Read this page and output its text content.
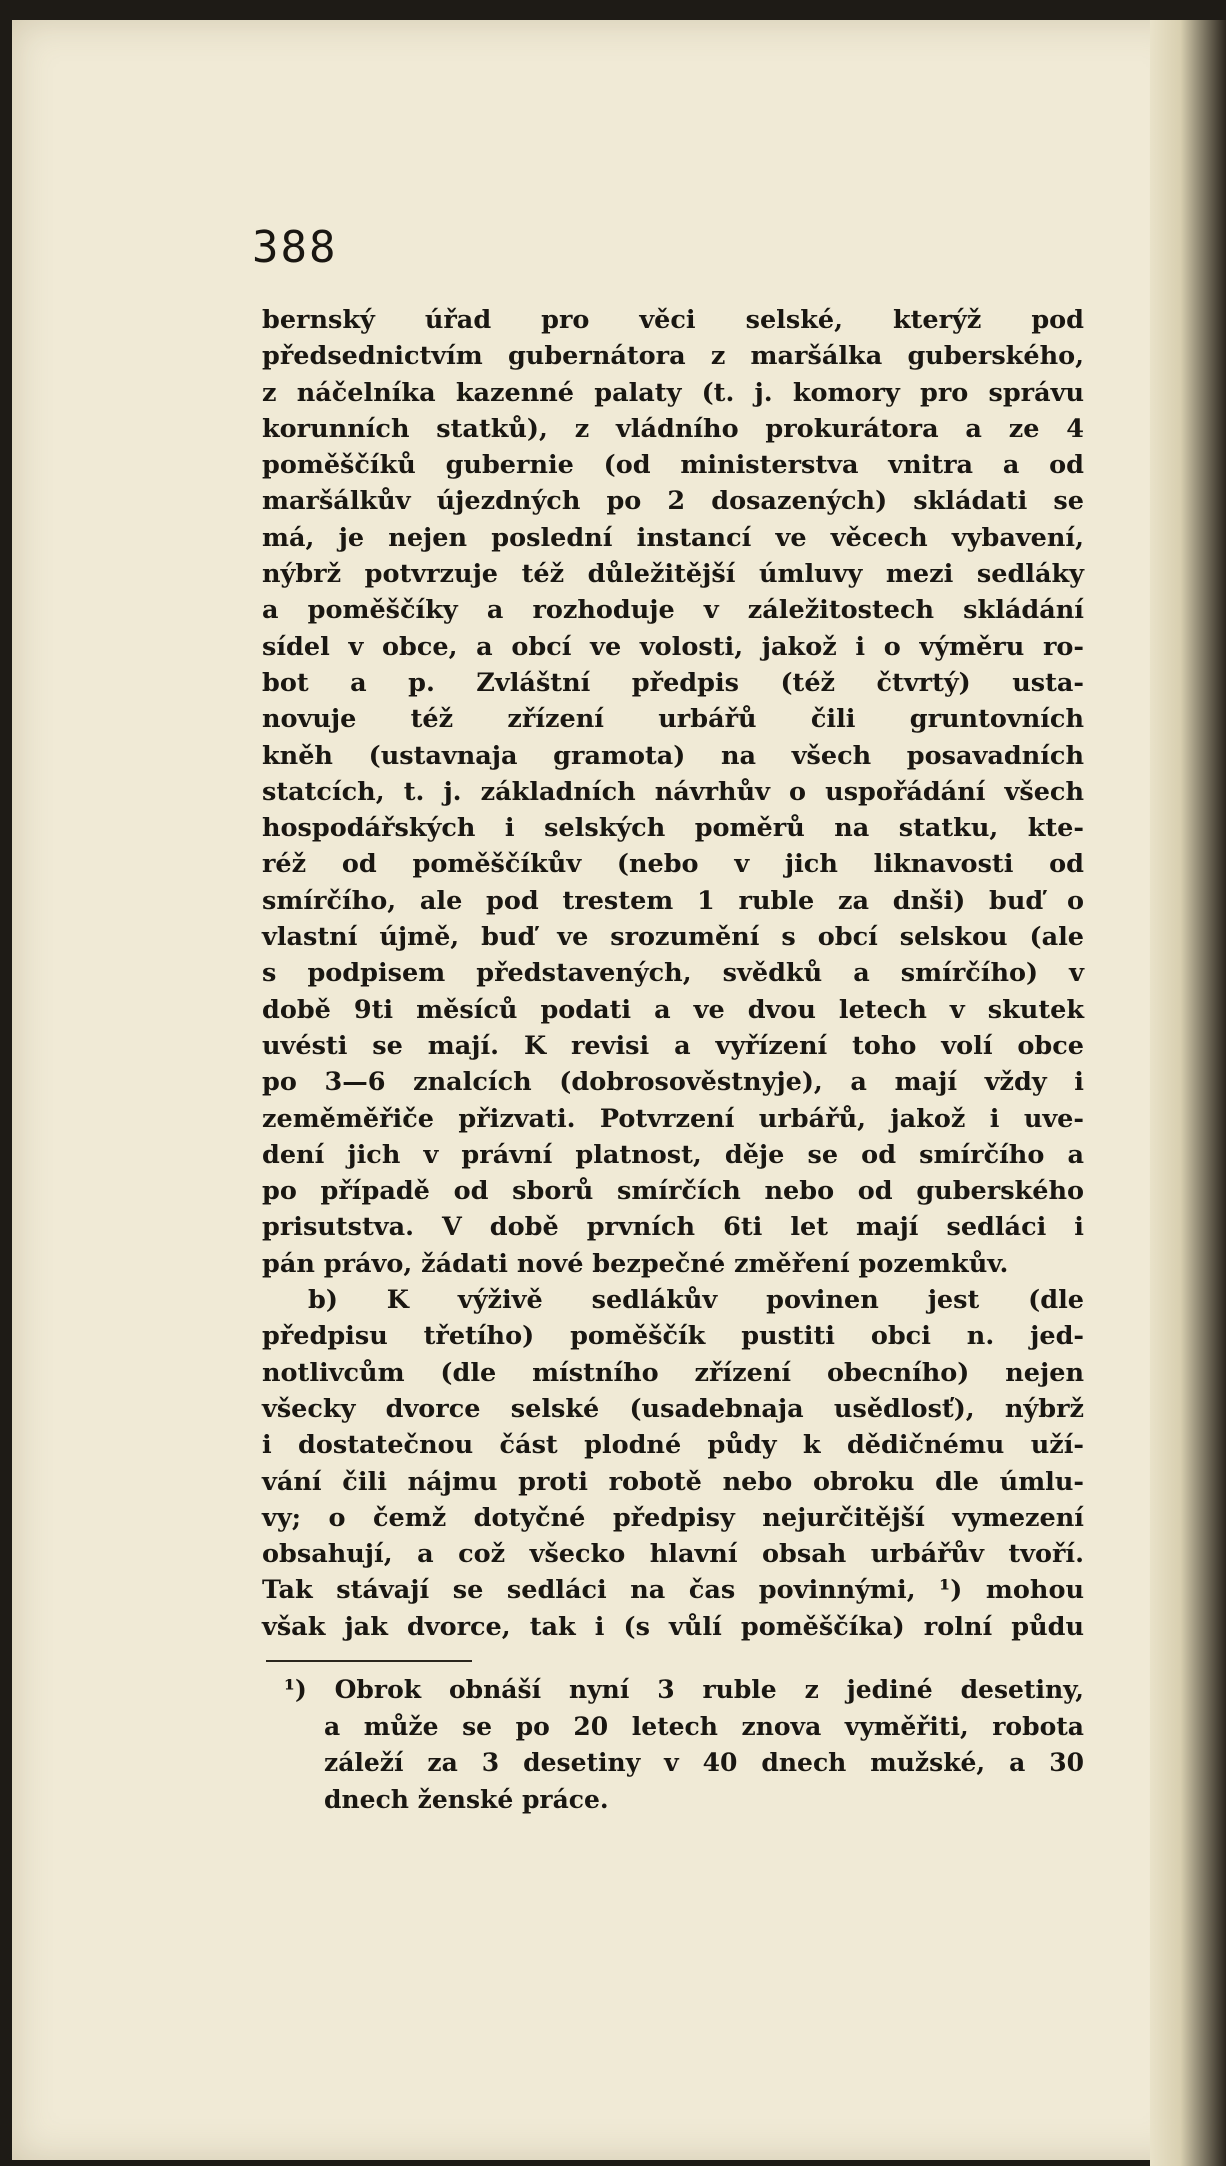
388
bernský úřad pro věci selské, kterýž pod
předsednictvím gubernátora z maršálka guberského,
z náčelníka kazenné palaty (t. j. komory pro správu
korunních statků), z vládního prokurátora a ze 4
poměščíků gubernie (od ministerstva vnitra a od
maršálkův újezdných po 2 dosazených) skládati se
má, je nejen poslední instancí ve věcech vybavení,
nýbrž potvrzuje též důležitější úmluvy mezi sedláky
a poměščíky a rozhoduje v záležitostech skládání
sídel v obce, a obcí ve volosti, jakož i o výměru ro-
bot a p. Zvláštní předpis (též čtvrtý) usta-
novuje též zřízení urbářů čili gruntovních
kněh (ustavnaja gramota) na všech posavadních
statcích, t. j. základních návrhův o uspořádání všech
hospodářských i selských poměrů na statku, kte-
réž od poměščíkův (nebo v jich liknavosti od
smírčího, ale pod trestem 1 ruble za dnši) buď o
vlastní újmě, buď ve srozumění s obcí selskou (ale
s podpisem představených, svědků a smírčího) v
době 9ti měsíců podati a ve dvou letech v skutek
uvésti se mají. K revisi a vyřízení toho volí obce
po 3—6 znalcích (dobrosověstnyje), a mají vždy i
zeměměřiče přizvati. Potvrzení urbářů, jakož i uve-
dení jich v právní platnost, děje se od smírčího a
po případě od sborů smírčích nebo od guberského
prisutstva. V době prvních 6ti let mají sedláci i
pán právo, žádati nové bezpečné změření pozemkův.
b) K výživě sedlákův povinen jest (dle
předpisu třetího) poměščík pustiti obci n. jed-
notlivcům (dle místního zřízení obecního) nejen
všecky dvorce selské (usadebnaja usědlosť), nýbrž
i dostatečnou část plodné půdy k dědičnému uží-
vání čili nájmu proti robotě nebo obroku dle úmlu-
vy; o čemž dotyčné předpisy nejurčitější vymezení
obsahují, a což všecko hlavní obsah urbářův tvoří.
Tak stávají se sedláci na čas povinnými, ¹) mohou
však jak dvorce, tak i (s vůlí poměščíka) rolní půdu
¹) Obrok obnáší nyní 3 ruble z jediné desetiny,
a může se po 20 letech znova vyměřiti, robota
záleží za 3 desetiny v 40 dnech mužské, a 30
dnech ženské práce.
